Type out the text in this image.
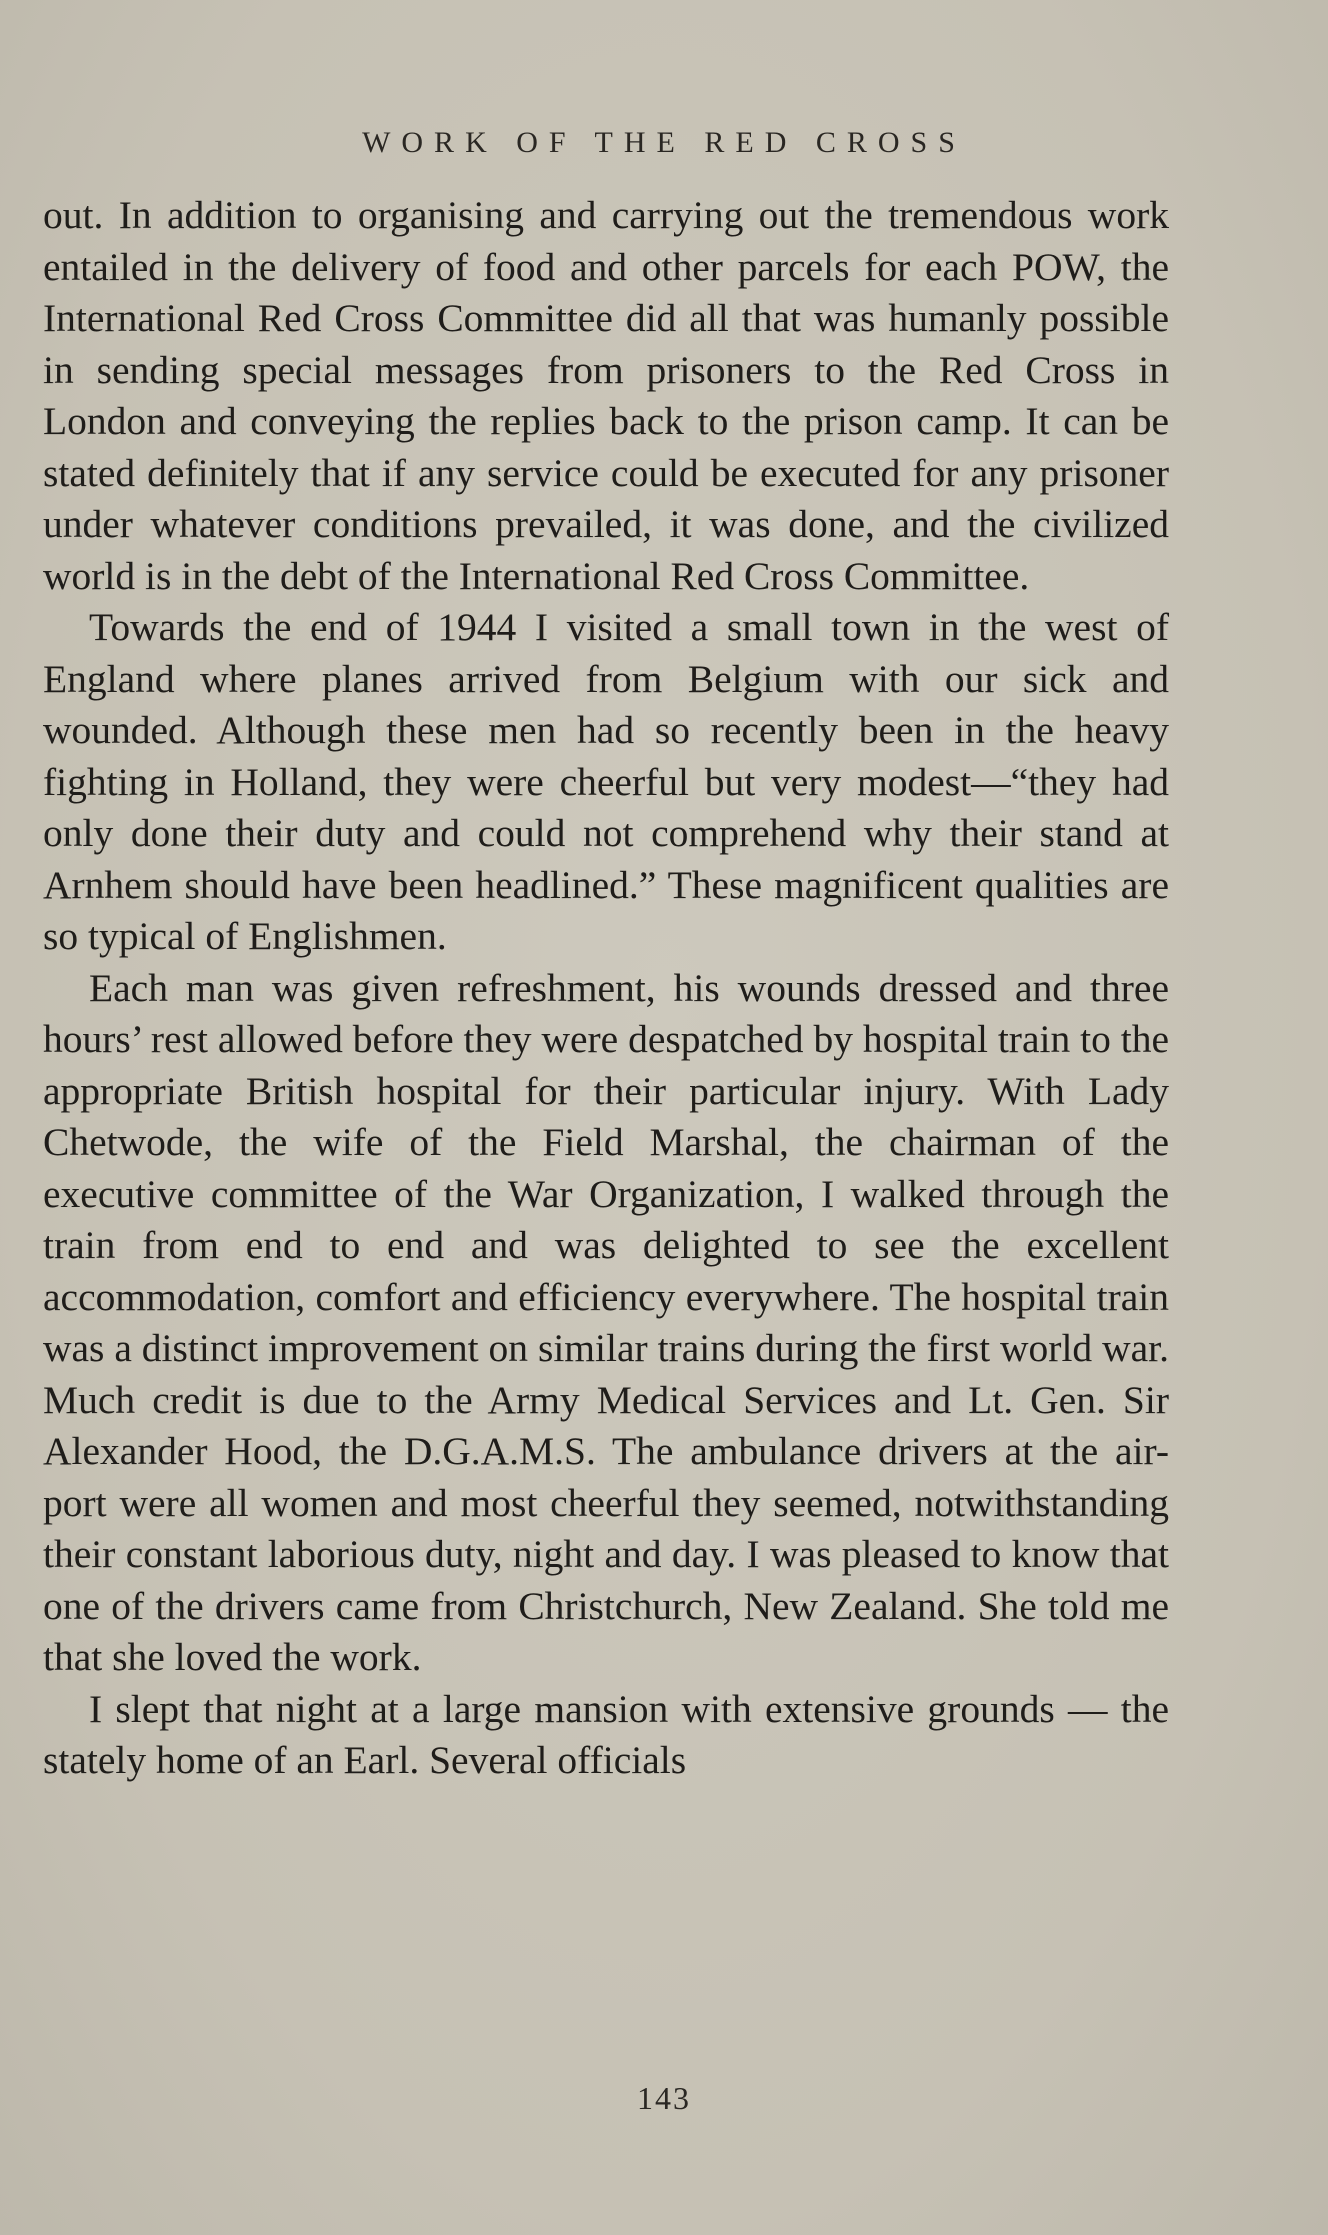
WORK OF THE RED CROSS

out. In addition to organising and carrying out the tremendous work entailed in the delivery of food and other parcels for each POW, the International Red Cross Committee did all that was humanly possible in sending special messages from prisoners to the Red Cross in London and conveying the replies back to the prison camp. It can be stated definitely that if any service could be executed for any prisoner under whatever conditions prevailed, it was done, and the civilized world is in the debt of the International Red Cross Committee.

Towards the end of 1944 I visited a small town in the west of England where planes arrived from Belgium with our sick and wounded. Although these men had so recently been in the heavy fighting in Holland, they were cheerful but very modest—“they had only done their duty and could not comprehend why their stand at Arnhem should have been headlined.” These magnificent qualities are so typical of Englishmen.

Each man was given refreshment, his wounds dressed and three hours’ rest allowed before they were despatched by hospital train to the appropriate British hospital for their particular injury. With Lady Chetwode, the wife of the Field Marshal, the chairman of the executive committee of the War Organization, I walked through the train from end to end and was delighted to see the excellent accommodation, comfort and efficiency everywhere. The hospital train was a distinct improvement on similar trains during the first world war. Much credit is due to the Army Medical Services and Lt. Gen. Sir Alexander Hood, the D.G.A.M.S. The ambulance drivers at the air-port were all women and most cheerful they seemed, notwithstanding their constant laborious duty, night and day. I was pleased to know that one of the drivers came from Christchurch, New Zealand. She told me that she loved the work.

I slept that night at a large mansion with extensive grounds — the stately home of an Earl. Several officials

143
